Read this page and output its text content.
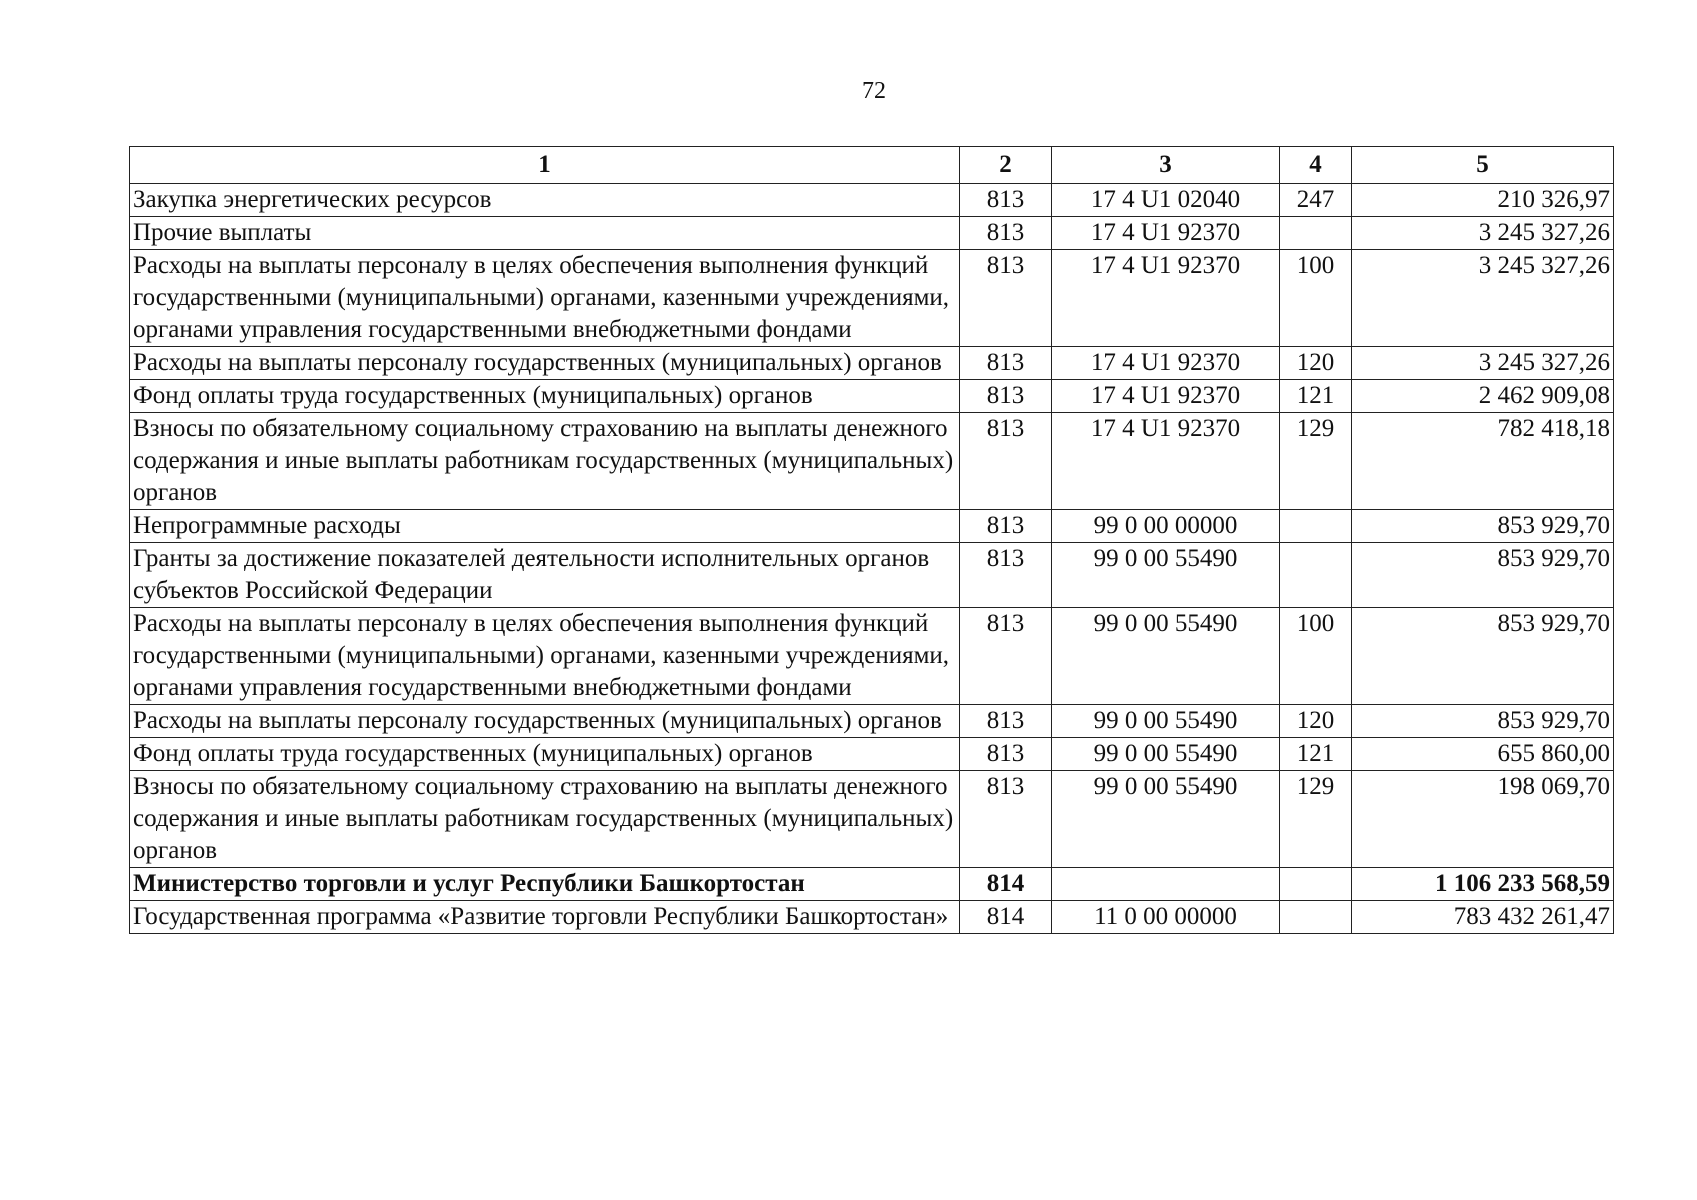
72
1	2	3	4	5
Закупка энергетических ресурсов	813	17 4 U1 02040	247	210 326,97
Прочие выплаты	813	17 4 U1 92370		3 245 327,26
Расходы на выплаты персоналу в целях обеспечения выполнения функций государственными (муниципальными) органами, казенными учреждениями, органами управления государственными внебюджетными фондами	813	17 4 U1 92370	100	3 245 327,26
Расходы на выплаты персоналу государственных (муниципальных) органов	813	17 4 U1 92370	120	3 245 327,26
Фонд оплаты труда государственных (муниципальных) органов	813	17 4 U1 92370	121	2 462 909,08
Взносы по обязательному социальному страхованию на выплаты денежного содержания и иные выплаты работникам государственных (муниципальных) органов	813	17 4 U1 92370	129	782 418,18
Непрограммные расходы	813	99 0 00 00000		853 929,70
Гранты за достижение показателей деятельности исполнительных органов субъектов Российской Федерации	813	99 0 00 55490		853 929,70
Расходы на выплаты персоналу в целях обеспечения выполнения функций государственными (муниципальными) органами, казенными учреждениями, органами управления государственными внебюджетными фондами	813	99 0 00 55490	100	853 929,70
Расходы на выплаты персоналу государственных (муниципальных) органов	813	99 0 00 55490	120	853 929,70
Фонд оплаты труда государственных (муниципальных) органов	813	99 0 00 55490	121	655 860,00
Взносы по обязательному социальному страхованию на выплаты денежного содержания и иные выплаты работникам государственных (муниципальных) органов	813	99 0 00 55490	129	198 069,70
Министерство торговли и услуг Республики Башкортостан	814			1 106 233 568,59
Государственная программа «Развитие торговли Республики Башкортостан»	814	11 0 00 00000		783 432 261,47
